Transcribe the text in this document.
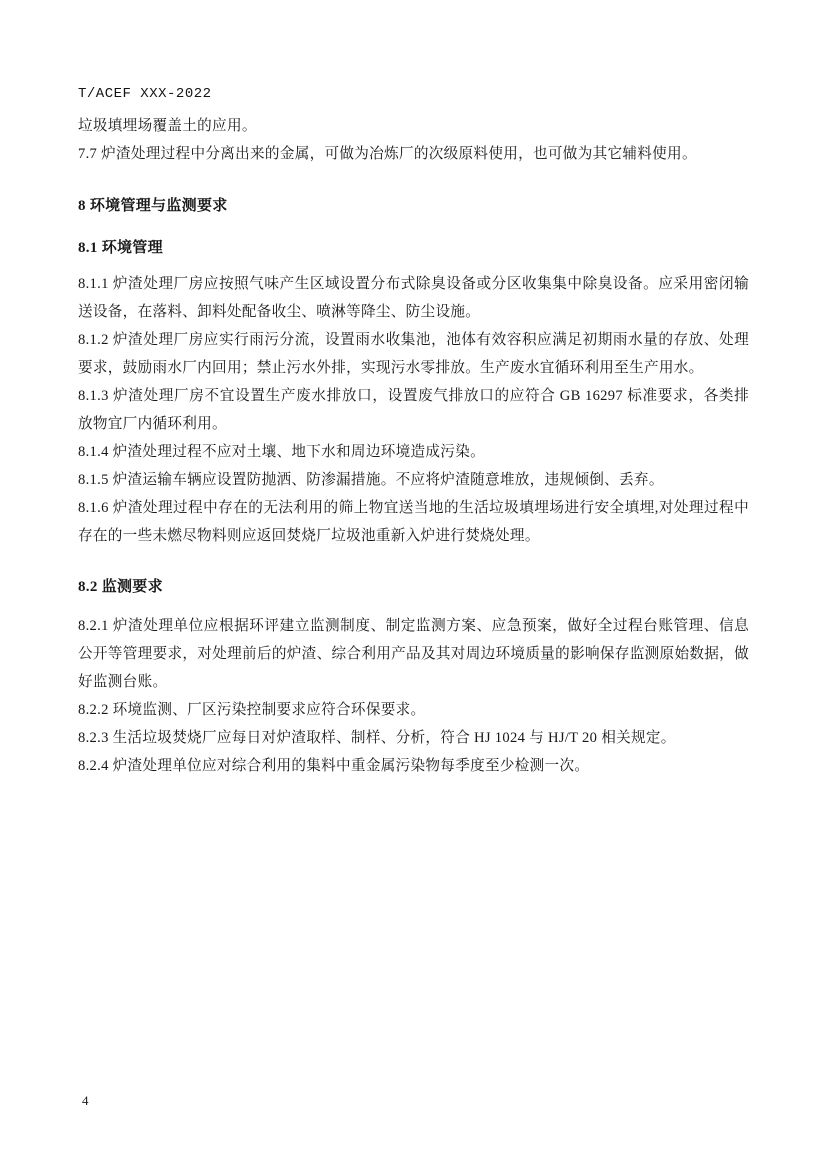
T/ACEF XXX-2022
垃圾填埋场覆盖土的应用。
7.7 炉渣处理过程中分离出来的金属，可做为冶炼厂的次级原料使用，也可做为其它辅料使用。
8 环境管理与监测要求
8.1 环境管理
8.1.1 炉渣处理厂房应按照气味产生区域设置分布式除臭设备或分区收集集中除臭设备。应采用密闭输送设备，在落料、卸料处配备收尘、喷淋等降尘、防尘设施。
8.1.2 炉渣处理厂房应实行雨污分流，设置雨水收集池，池体有效容积应满足初期雨水量的存放、处理要求，鼓励雨水厂内回用；禁止污水外排，实现污水零排放。生产废水宜循环利用至生产用水。
8.1.3 炉渣处理厂房不宜设置生产废水排放口，设置废气排放口的应符合 GB 16297 标准要求，各类排放物宜厂内循环利用。
8.1.4 炉渣处理过程不应对土壤、地下水和周边环境造成污染。
8.1.5 炉渣运输车辆应设置防抛洒、防渗漏措施。不应将炉渣随意堆放，违规倾倒、丢弃。
8.1.6 炉渣处理过程中存在的无法利用的筛上物宜送当地的生活垃圾填埋场进行安全填埋,对处理过程中存在的一些未燃尽物料则应返回焚烧厂垃圾池重新入炉进行焚烧处理。
8.2 监测要求
8.2.1 炉渣处理单位应根据环评建立监测制度、制定监测方案、应急预案，做好全过程台账管理、信息公开等管理要求，对处理前后的炉渣、综合利用产品及其对周边环境质量的影响保存监测原始数据，做好监测台账。
8.2.2 环境监测、厂区污染控制要求应符合环保要求。
8.2.3 生活垃圾焚烧厂应每日对炉渣取样、制样、分析，符合 HJ 1024 与 HJ/T 20 相关规定。
8.2.4 炉渣处理单位应对综合利用的集料中重金属污染物每季度至少检测一次。
4
